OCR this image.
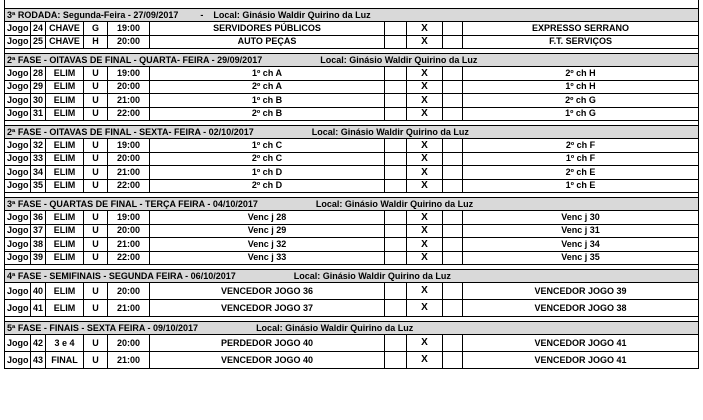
3ª RODADA: Segunda-Feira - 27/09/2017 - Local: Ginásio Waldir Quirino da Luz									
Jogo	24	CHAVE	G	19:00	SERVIDORES PÚBLICOS		X		EXPRESSO SERRANO
Jogo	25	CHAVE	H	20:00	AUTO PEÇAS		X		F.T. SERVIÇOS

2ª FASE - OITAVAS DE FINAL - QUARTA- FEIRA - 29/09/2017 Local: Ginásio Waldir Quirino da Luz									
Jogo	28	ELIM	U	19:00	1º ch A		X		2º ch H
Jogo	29	ELIM	U	20:00	2º ch A		X		1º ch H
Jogo	30	ELIM	U	21:00	1º ch B		X		2º ch G
Jogo	31	ELIM	U	22:00	2º ch B		X		1º ch G

2ª FASE - OITAVAS DE FINAL - SEXTA- FEIRA - 02/10/2017 Local: Ginásio Waldir Quirino da Luz									
Jogo	32	ELIM	U	19:00	1º ch C		X		2º ch F
Jogo	33	ELIM	U	20:00	2º ch C		X		1º ch F
Jogo	34	ELIM	U	21:00	1º ch D		X		2º ch E
Jogo	35	ELIM	U	22:00	2º ch D		X		1º ch E

3ª FASE - QUARTAS DE FINAL - TERÇA FEIRA - 04/10/2017 Local: Ginásio Waldir Quirino da Luz									
Jogo	36	ELIM	U	19:00	Venc j 28		X		Venc j 30
Jogo	37	ELIM	U	20:00	Venc j 29		X		Venc j 31
Jogo	38	ELIM	U	21:00	Venc j 32		X		Venc j 34
Jogo	39	ELIM	U	22:00	Venc j 33		X		Venc j 35

4ª FASE - SEMIFINAIS - SEGUNDA FEIRA - 06/10/2017 Local: Ginásio Waldir Quirino da Luz									
Jogo	40	ELIM	U	20:00	VENCEDOR JOGO 36		X		VENCEDOR JOGO 39
Jogo	41	ELIM	U	21:00	VENCEDOR JOGO 37		X		VENCEDOR JOGO 38

5ª FASE - FINAIS - SEXTA FEIRA - 09/10/2017 Local: Ginásio Waldir Quirino da Luz									
Jogo	42	3 e 4	U	20:00	PERDEDOR JOGO 40		X		VENCEDOR JOGO 41
Jogo	43	FINAL	U	21:00	VENCEDOR JOGO 40		X		VENCEDOR JOGO 41
